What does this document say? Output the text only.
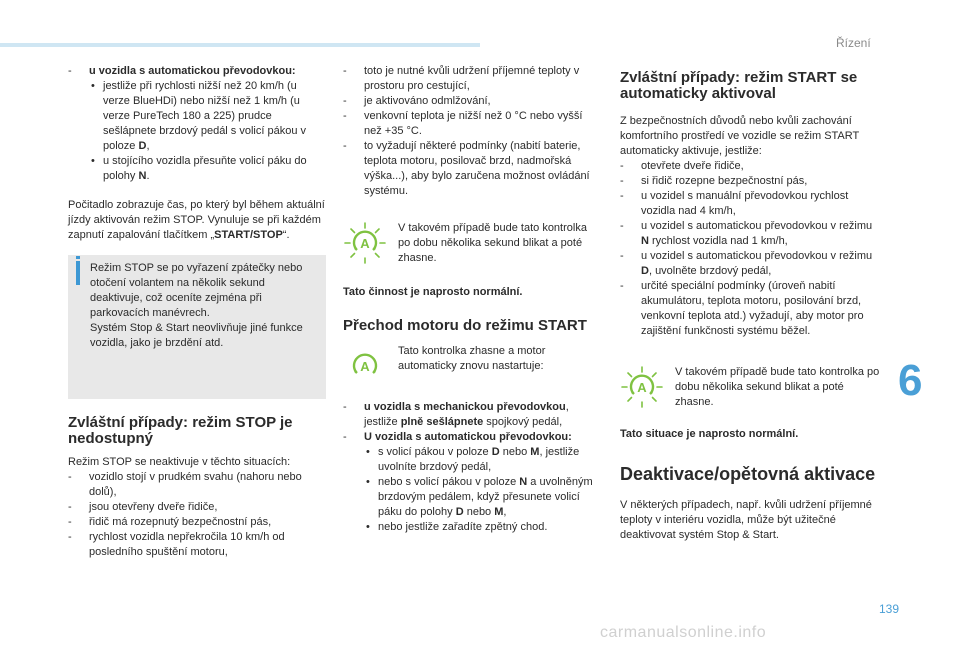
Řízení
- u vozidla s automatickou převodovkou:
• jestliže při rychlosti nižší než 20 km/h (u verze BlueHDi) nebo nižší než 1 km/h (u verze PureTech 180 a 225) prudce sešlápnete brzdový pedál s volicí pákou v poloze D,
• u stojícího vozidla přesuňte volicí páku do polohy N.

Počitadlo zobrazuje čas, po který byl během aktuální jízdy aktivován režim STOP. Vynuluje se při každém zapnutí zapalování tlačítkem „START/STOP“.

Režim STOP se po vyřazení zpátečky nebo otočení volantem na několik sekund deaktivuje, což oceníte zejména při parkovacích manévrech.

Systém Stop & Start neovlivňuje jiné funkce vozidla, jako je brzdění atd.

Zvláštní případy: režim STOP je nedostupný

Režim STOP se neaktivuje v těchto situacích:

- vozidlo stojí v prudkém svahu (nahoru nebo dolů),
- jsou otevřeny dveře řidiče,
- řidič má rozepnutý bezpečnostní pás,
- rychlost vozidla nepřekročila 10 km/h od posledního spuštění motoru,
- toto je nutné kvůli udržení příjemné teploty v prostoru pro cestující,
- je aktivováno odmlžování,
- venkovní teplota je nižší než 0 °C nebo vyšší než +35 °C.
- to vyžadují některé podmínky (nabití baterie, teplota motoru, posilovač brzd, nadmořská výška...), aby bylo zaručena možnost ovládání systému.
A

V takovém případě bude tato kontrolka po dobu několika sekund blikat a poté zhasne.

Tato činnost je naprosto normální.

Přechod motoru do režimu START
A

Tato kontrolka zhasne a motor automaticky znovu nastartuje:

- u vozidla s mechanickou převodovkou, jestliže plně sešlápnete spojkový pedál,
- U vozidla s automatickou převodovkou:
• s volicí pákou v poloze D nebo M, jestliže uvolníte brzdový pedál,
• nebo s volicí pákou v poloze N a uvolněným brzdovým pedálem, když přesunete volicí páku do polohy D nebo M,
• nebo jestliže zařadíte zpětný chod.
Zvláštní případy: režim START se automaticky aktivoval

Z bezpečnostních důvodů nebo kvůli zachování komfortního prostředí ve vozidle se režim START automaticky aktivuje, jestliže:

- otevřete dveře řidiče,
- si řidič rozepne bezpečnostní pás,
- u vozidel s manuální převodovkou rychlost vozidla nad 4 km/h,
- u vozidel s automatickou převodovkou v režimu N rychlost vozidla nad 1 km/h,
- u vozidel s automatickou převodovkou v režimu D, uvolněte brzdový pedál,
- určité speciální podmínky (úroveň nabití akumulátoru, teplota motoru, posilování brzd, venkovní teplota atd.) vyžadují, aby motor pro zajištění funkčnosti systému běžel.
A

V takovém případě bude tato kontrolka po dobu několika sekund blikat a poté zhasne.

Tato situace je naprosto normální.

Deaktivace/opětovná aktivace

V některých případech, např. kvůli udržení příjemné teploty v interiéru vozidla, může být užitečné deaktivovat systém Stop & Start.

6
139
carmanualsonline.info
